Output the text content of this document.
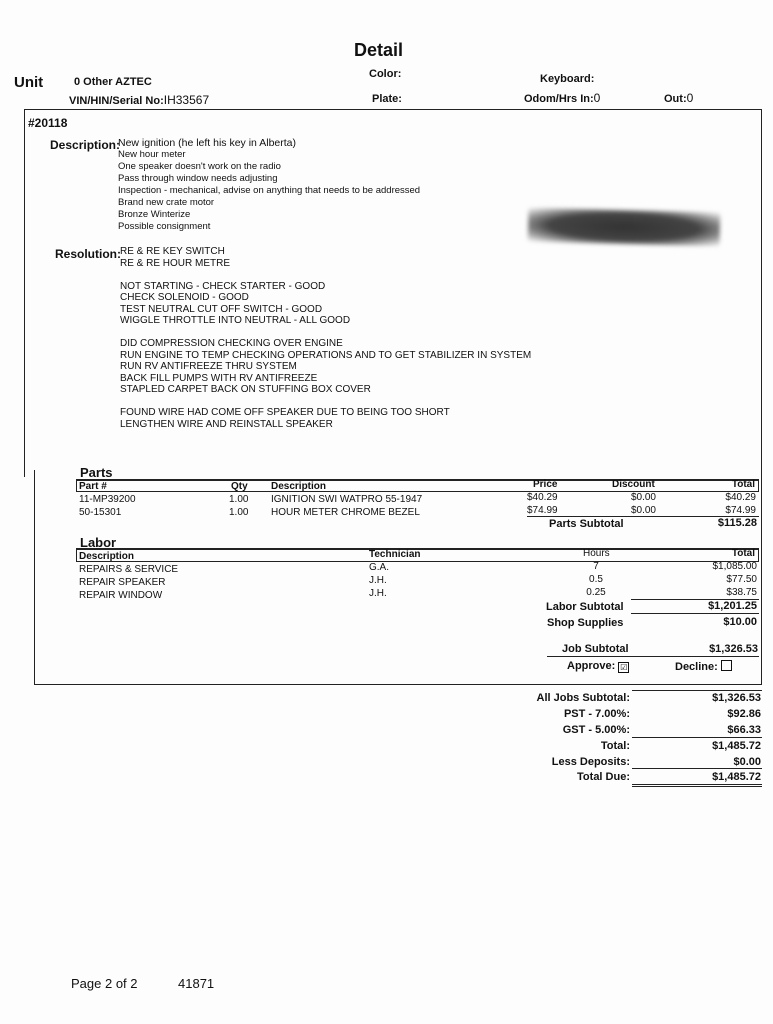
Detail
Unit	0 Other AZTEC
VIN/HIN/Serial No:IH33567
Color:
Plate:
Keyboard:
Odom/Hrs In:0	Out:0
#20118
Description:
New ignition (he left his key in Alberta)
New hour meter
One speaker doesn't work on the radio
Pass through window needs adjusting
Inspection - mechanical, advise on anything that needs to be addressed
Brand new crate motor
Bronze Winterize
Possible consignment
Resolution: RE & RE KEY SWITCH
RE & RE HOUR METRE
NOT STARTING - CHECK STARTER - GOOD
CHECK SOLENOID - GOOD
TEST NEUTRAL CUT OFF SWITCH - GOOD
WIGGLE THROTTLE INTO NEUTRAL - ALL GOOD
DID COMPRESSION CHECKING OVER ENGINE
RUN ENGINE TO TEMP CHECKING OPERATIONS AND TO GET STABILIZER IN SYSTEM
RUN RV ANTIFREEZE THRU SYSTEM
BACK FILL PUMPS WITH RV ANTIFREEZE
STAPLED CARPET BACK ON STUFFING BOX COVER
FOUND WIRE HAD COME OFF SPEAKER DUE TO BEING TOO SHORT
LENGTHEN WIRE AND REINSTALL SPEAKER
Parts
Part #	Qty Description	Price	Discount	Total
11-MP39200	1.00 IGNITION SWI WATPRO 55-1947	$40.29	$0.00	$40.29
50-15301	1.00 HOUR METER CHROME BEZEL	$74.99	$0.00	$74.99
Parts Subtotal	$115.28
Labor
Description	Technician	Hours	Total
REPAIRS & SERVICE	G.A.	7	$1,085.00
REPAIR SPEAKER	J.H.	0.5	$77.50
REPAIR WINDOW	J.H.	0.25	$38.75
Labor Subtotal	$1,201.25
Shop Supplies	$10.00
Job Subtotal	$1,326.53
Approve: ☑	Decline:
All Jobs Subtotal:	$1,326.53
PST - 7.00%:	$92.86
GST - 5.00%:	$66.33
Total:	$1,485.72
Less Deposits:	$0.00
Total Due:	$1,485.72
Page 2 of 2	41871
